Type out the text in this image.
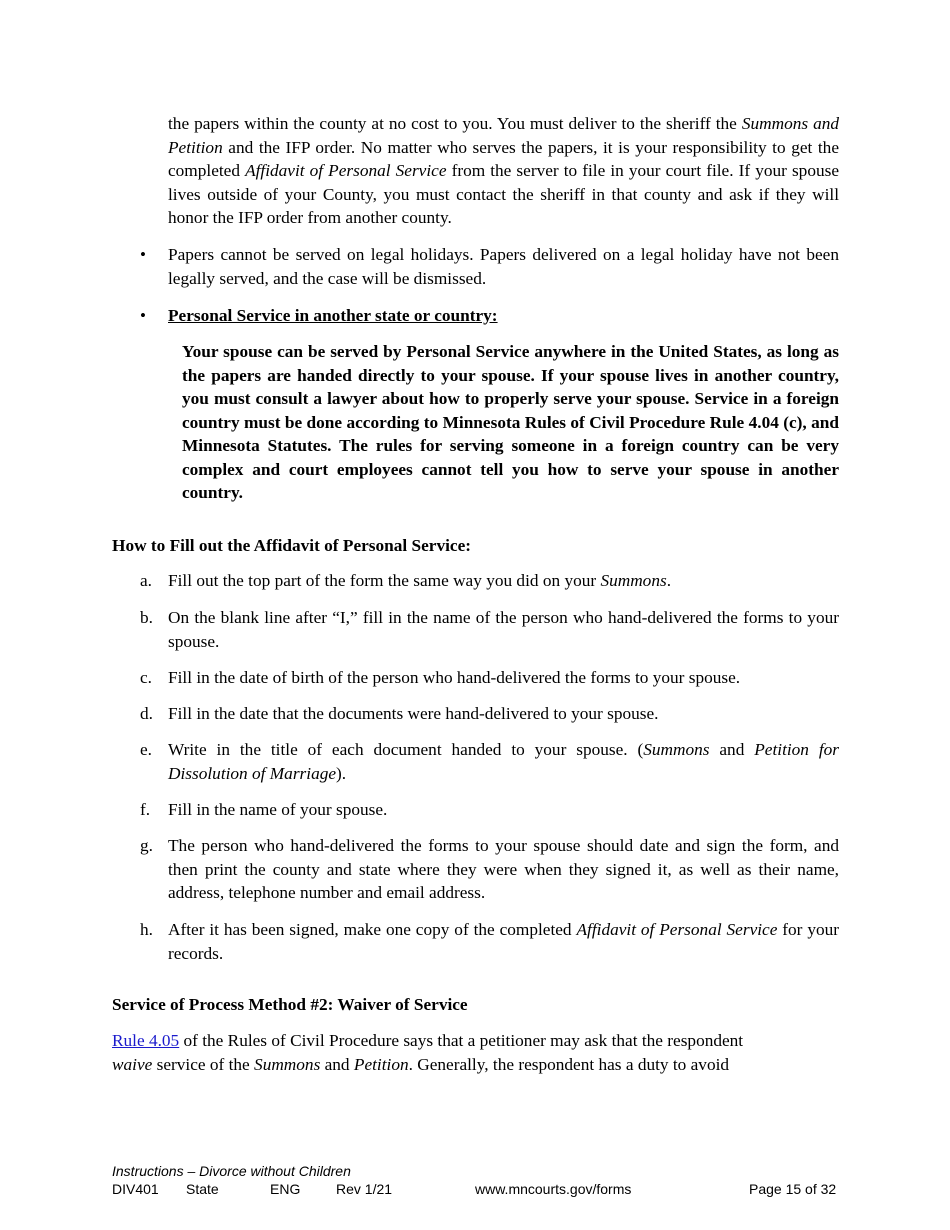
the papers within the county at no cost to you. You must deliver to the sheriff the Summons and Petition and the IFP order. No matter who serves the papers, it is your responsibility to get the completed Affidavit of Personal Service from the server to file in your court file. If your spouse lives outside of your County, you must contact the sheriff in that county and ask if they will honor the IFP order from another county.

• Papers cannot be served on legal holidays. Papers delivered on a legal holiday have not been legally served, and the case will be dismissed.

• Personal Service in another state or country:

Your spouse can be served by Personal Service anywhere in the United States, as long as the papers are handed directly to your spouse. If your spouse lives in another country, you must consult a lawyer about how to properly serve your spouse. Service in a foreign country must be done according to Minnesota Rules of Civil Procedure Rule 4.04 (c), and Minnesota Statutes. The rules for serving someone in a foreign country can be very complex and court employees cannot tell you how to serve your spouse in another country.

How to Fill out the Affidavit of Personal Service:

a. Fill out the top part of the form the same way you did on your Summons.

b. On the blank line after “I,” fill in the name of the person who hand-delivered the forms to your spouse.

c. Fill in the date of birth of the person who hand-delivered the forms to your spouse.

d. Fill in the date that the documents were hand-delivered to your spouse.

e. Write in the title of each document handed to your spouse. (Summons and Petition for Dissolution of Marriage).

f. Fill in the name of your spouse.

g. The person who hand-delivered the forms to your spouse should date and sign the form, and then print the county and state where they were when they signed it, as well as their name, address, telephone number and email address.

h. After it has been signed, make one copy of the completed Affidavit of Personal Service for your records.

Service of Process Method #2: Waiver of Service

Rule 4.05 of the Rules of Civil Procedure says that a petitioner may ask that the respondent

waive service of the Summons and Petition. Generally, the respondent has a duty to avoid

Instructions – Divorce without Children
DIV401 State	ENG	Rev 1/21	www.mncourts.gov/forms	Page 15 of 32
